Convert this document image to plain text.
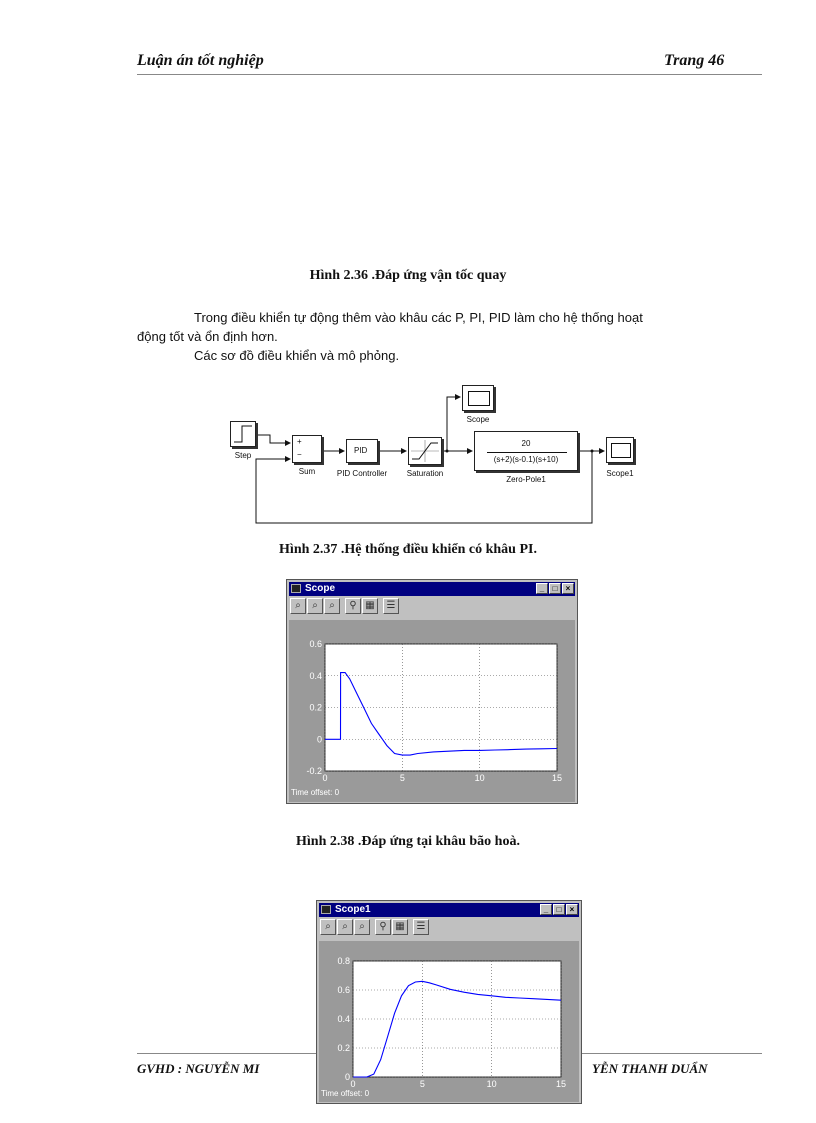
Luận án tốt nghiệp	Trang 46
Hình 2.36 .Đáp ứng vận tốc quay
Trong điều khiển tự động thêm vào khâu các P, PI, PID làm cho hệ thống hoạt
động tốt và ổn định hơn.
Các sơ đồ điều khiển và mô phỏng.
Step
+
−
Sum
PID
PID Controller	Saturation
20
(s+2)(s-0.1)(s+10)
Zero-Pole1
Scope
Scope1
Hình 2.37 .Hệ thống điều khiển có khâu PI.
Scope	_	□	×
⌕	⌕	⌕	⚲ ▦	☰
0	5	10	15
-0.2
0
0.2
0.4
0.6
Time offset: 0
Hình 2.38 .Đáp ứng tại khâu bão hoà.
GVHD : NGUYỄN MI	YỄN THANH DUẨN
Scope1	_	□	×
⌕	⌕	⌕	⚲ ▦	☰
0	5	10	15
0
0.2
0.4
0.6
0.8
Time offset: 0
